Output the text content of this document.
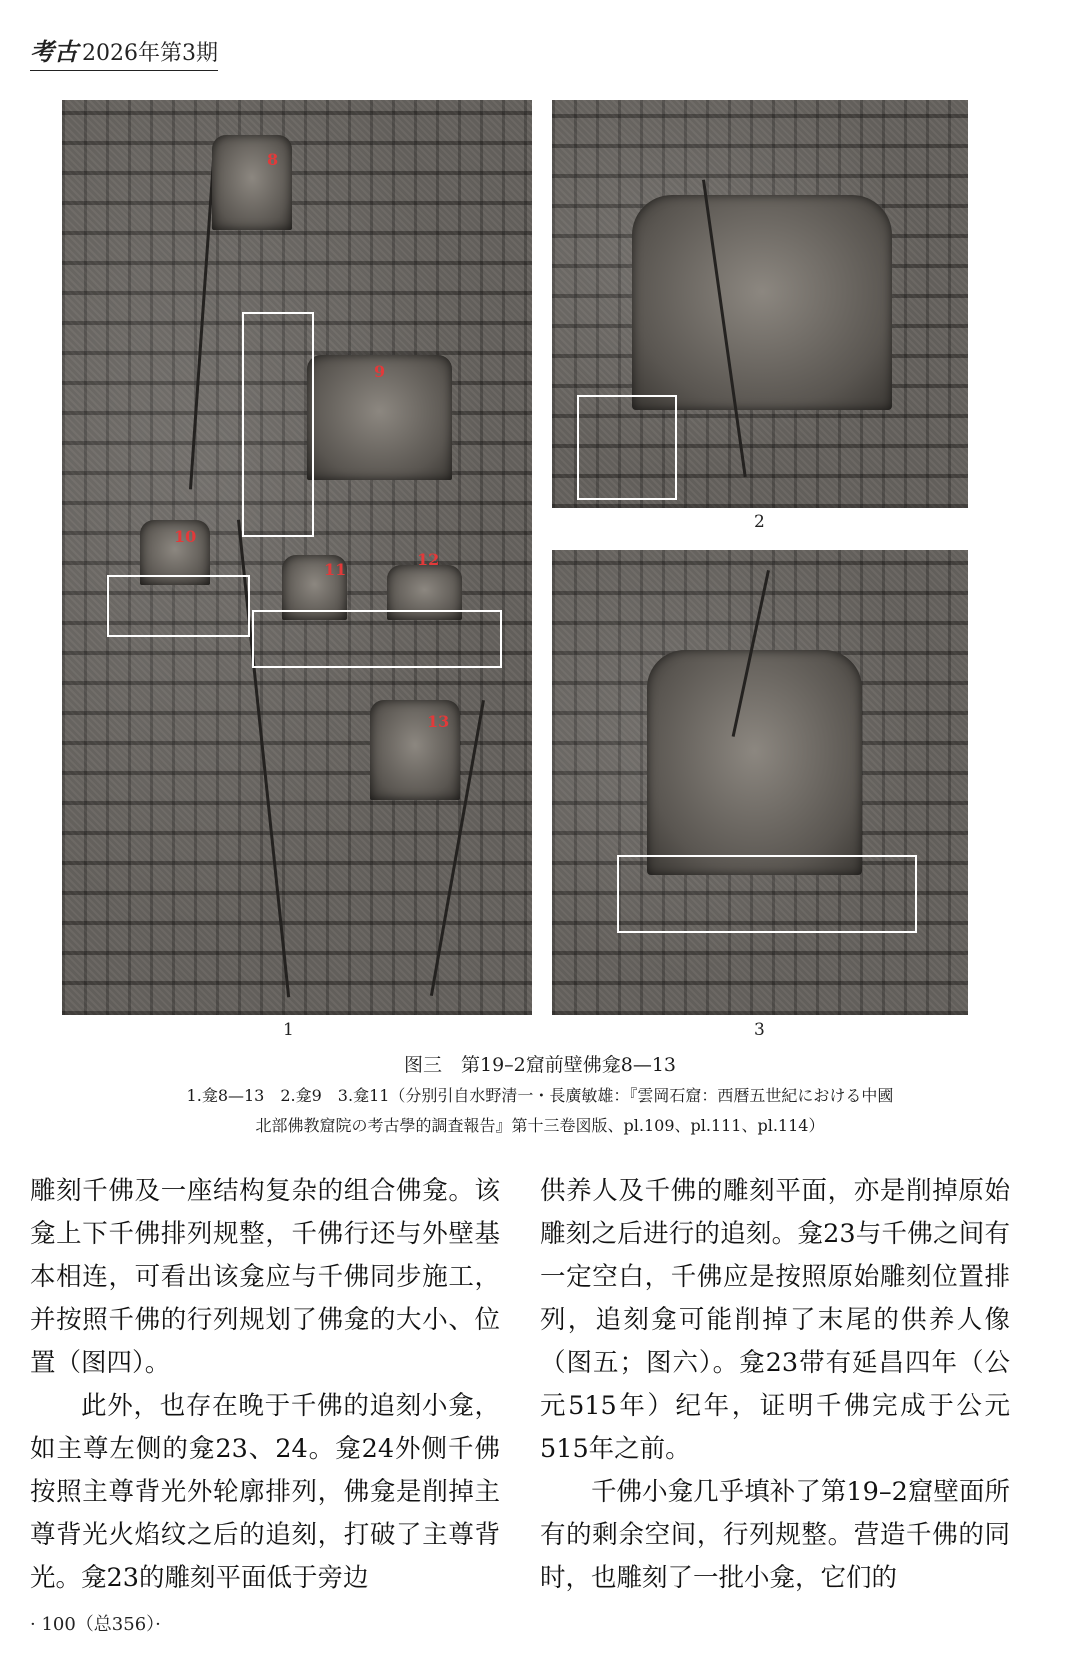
考古 2026年第3期
8
9
10
11
12
13
1
2
3
图三　第19–2窟前壁佛龛8—13
1.龛8—13　2.龛9　3.龛11（分别引自水野清一・長廣敏雄：『雲岡石窟：西暦五世紀における中國
北部佛教窟院の考古學的調査報告』第十三卷図版、pl.109、pl.111、pl.114）

雕刻千佛及一座结构复杂的组合佛龛。该龛上下千佛排列规整，千佛行还与外壁基本相连，可看出该龛应与千佛同步施工，并按照千佛的行列规划了佛龛的大小、位置（图四）。

此外，也存在晚于千佛的追刻小龛，如主尊左侧的龛23、24。龛24外侧千佛按照主尊背光外轮廓排列，佛龛是削掉主尊背光火焰纹之后的追刻，打破了主尊背光。龛23的雕刻平面低于旁边

供养人及千佛的雕刻平面，亦是削掉原始雕刻之后进行的追刻。龛23与千佛之间有一定空白，千佛应是按照原始雕刻位置排列，追刻龛可能削掉了末尾的供养人像（图五；图六）。龛23带有延昌四年（公元515年）纪年，证明千佛完成于公元515年之前。

千佛小龛几乎填补了第19–2窟壁面所有的剩余空间，行列规整。营造千佛的同时，也雕刻了一批小龛，它们的

· 100（总356）·
